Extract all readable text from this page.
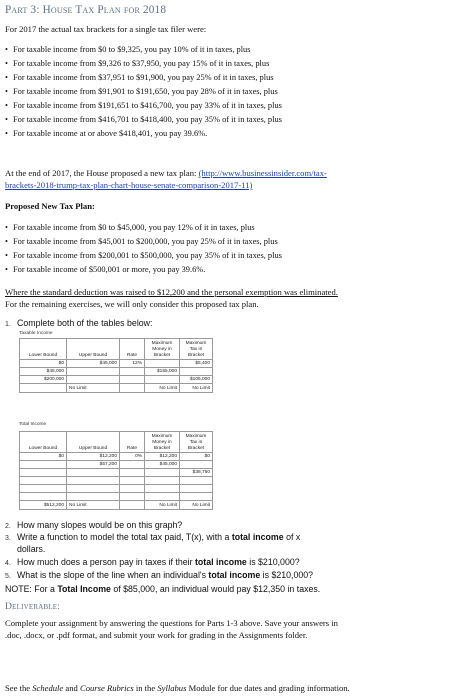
Part 3: House Tax Plan for 2018
For 2017 the actual tax brackets for a single tax filer were:
• For taxable income from $0 to $9,325, you pay 10% of it in taxes, plus
• For taxable income from $9,326 to $37,950, you pay 15% of it in taxes, plus
• For taxable income from $37,951 to $91,900, you pay 25% of it in taxes, plus
• For taxable income from $91,901 to $191,650, you pay 28% of it in taxes, plus
• For taxable income from $191,651 to $416,700, you pay 33% of it in taxes, plus
• For taxable income from $416,701 to $418,400, you pay 35% of it in taxes, plus
• For taxable income at or above $418,401, you pay 39.6%.
At the end of 2017, the House proposed a new tax plan: (http://www.businessinsider.com/tax-
brackets-2018-trump-tax-plan-chart-house-senate-comparison-2017-11)
Proposed New Tax Plan:
• For taxable income from $0 to $45,000, you pay 12% of it in taxes, plus
• For taxable income from $45,001 to $200,000, you pay 25% of it in taxes, plus
• For taxable income from $200,001 to $500,000, you pay 35% of it in taxes, plus
• For taxable income of $500,001 or more, you pay 39.6%.
Where the standard deduction was raised to $12,200 and the personal exemption was eliminated.
For the remaining exercises, we will only consider this proposed tax plan.
1. Complete both of the tables below:
Taxable Income
Lower Bound	Upper Bound	Rate	Maximum Money in Bracket	Maximum Tax in Bracket
$0	$45,000	12%		$5,400
$45,000			$155,000	
$200,000				$105,000
	No Limit		No Limit	No Limit
Total Income
Lower Bound	Upper Bound	Rate	Maximum Money in Bracket	Maximum Tax in Bracket
$0	$12,200	0%	$12,200	$0
	$57,200		$45,000	
				$38,750

$512,200	No Limit		No Limit	No Limit
2. How many slopes would be on this graph?
3. Write a function to model the total tax paid, T(x), with a total income of x
dollars.
4. How much does a person pay in taxes if their total income is $210,000?
5. What is the slope of the line when an individual's total income is $210,000?
NOTE: For a Total Income of $85,000, an individual would pay $12,350 in taxes.
Deliverable:
Complete your assignment by answering the questions for Parts 1-3 above. Save your answers in
.doc, .docx, or .pdf format, and submit your work for grading in the Assignments folder.
See the Schedule and Course Rubrics in the Syllabus Module for due dates and grading information.
